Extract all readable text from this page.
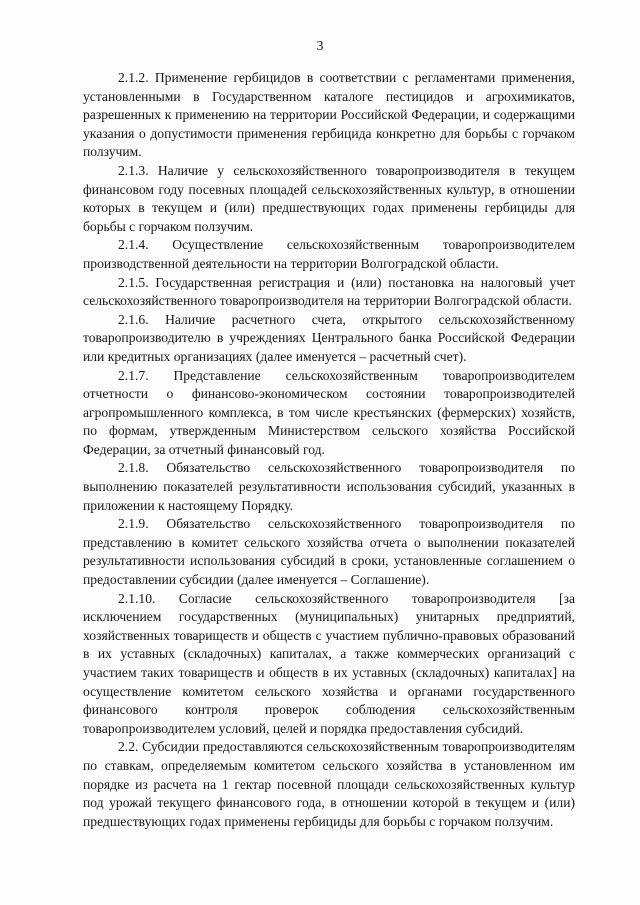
3

2.1.2. Применение гербицидов в соответствии с регламентами применения, установленными в Государственном каталоге пестицидов и агрохимикатов, разрешенных к применению на территории Российской Федерации, и содержащими указания о допустимости применения гербицида конкретно для борьбы с горчаком ползучим.

2.1.3. Наличие у сельскохозяйственного товаропроизводителя в текущем финансовом году посевных площадей сельскохозяйственных культур, в отношении которых в текущем и (или) предшествующих годах применены гербициды для борьбы с горчаком ползучим.

2.1.4. Осуществление сельскохозяйственным товаропроизводителем производственной деятельности на территории Волгоградской области.

2.1.5. Государственная регистрация и (или) постановка на налоговый учет сельскохозяйственного товаропроизводителя на территории Волгоградской области.

2.1.6. Наличие расчетного счета, открытого сельскохозяйственному товаропроизводителю в учреждениях Центрального банка Российской Федерации или кредитных организациях (далее именуется – расчетный счет).

2.1.7. Представление сельскохозяйственным товаропроизводителем отчетности о финансово-экономическом состоянии товаропроизводителей агропромышленного комплекса, в том числе крестьянских (фермерских) хозяйств, по формам, утвержденным Министерством сельского хозяйства Российской Федерации, за отчетный финансовый год.

2.1.8. Обязательство сельскохозяйственного товаропроизводителя по выполнению показателей результативности использования субсидий, указанных в приложении к настоящему Порядку.

2.1.9. Обязательство сельскохозяйственного товаропроизводителя по представлению в комитет сельского хозяйства отчета о выполнении показателей результативности использования субсидий в сроки, установленные соглашением о предоставлении субсидии (далее именуется – Соглашение).

2.1.10. Согласие сельскохозяйственного товаропроизводителя [за исключением государственных (муниципальных) унитарных предприятий, хозяйственных товариществ и обществ с участием публично-правовых образований в их уставных (складочных) капиталах, а также коммерческих организаций с участием таких товариществ и обществ в их уставных (складочных) капиталах] на осуществление комитетом сельского хозяйства и органами государственного финансового контроля проверок соблюдения сельскохозяйственным товаропроизводителем условий, целей и порядка предоставления субсидий.

2.2. Субсидии предоставляются сельскохозяйственным товаропроизводителям по ставкам, определяемым комитетом сельского хозяйства в установленном им порядке из расчета на 1 гектар посевной площади сельскохозяйственных культур под урожай текущего финансового года, в отношении которой в текущем и (или) предшествующих годах применены гербициды для борьбы с горчаком ползучим.
